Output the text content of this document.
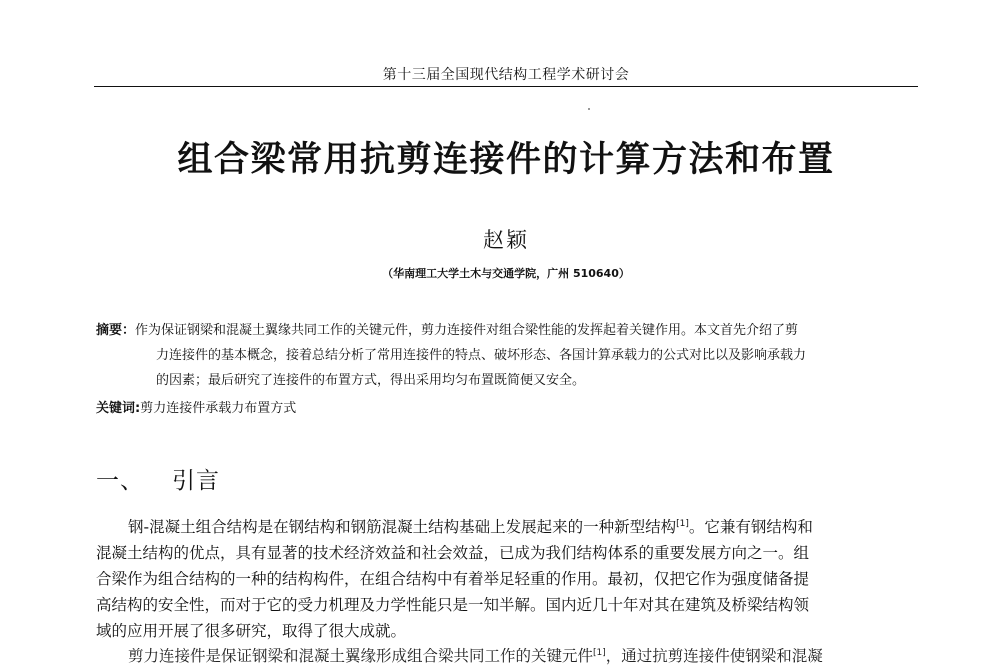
第十三届全国现代结构工程学术研讨会
组合梁常用抗剪连接件的计算方法和布置
赵颖
（华南理工大学土木与交通学院，广州 510640）
摘要：作为保证钢梁和混凝土翼缘共同工作的关键元件，剪力连接件对组合梁性能的发挥起着关键作用。本文首先介绍了剪
力连接件的基本概念，接着总结分析了常用连接件的特点、破坏形态、各国计算承载力的公式对比以及影响承载力
的因素；最后研究了连接件的布置方式，得出采用均匀布置既简便又安全。
关键词:剪力连接件承载力布置方式
一、 引言
钢-混凝土组合结构是在钢结构和钢筋混凝土结构基础上发展起来的一种新型结构[1]。它兼有钢结构和
混凝土结构的优点，具有显著的技术经济效益和社会效益，已成为我们结构体系的重要发展方向之一。组
合梁作为组合结构的一种的结构构件，在组合结构中有着举足轻重的作用。最初，仅把它作为强度储备提
高结构的安全性，而对于它的受力机理及力学性能只是一知半解。国内近几十年对其在建筑及桥梁结构领
域的应用开展了很多研究，取得了很大成就。
剪力连接件是保证钢梁和混凝土翼缘形成组合梁共同工作的关键元件[1]，通过抗剪连接件使钢梁和混凝
